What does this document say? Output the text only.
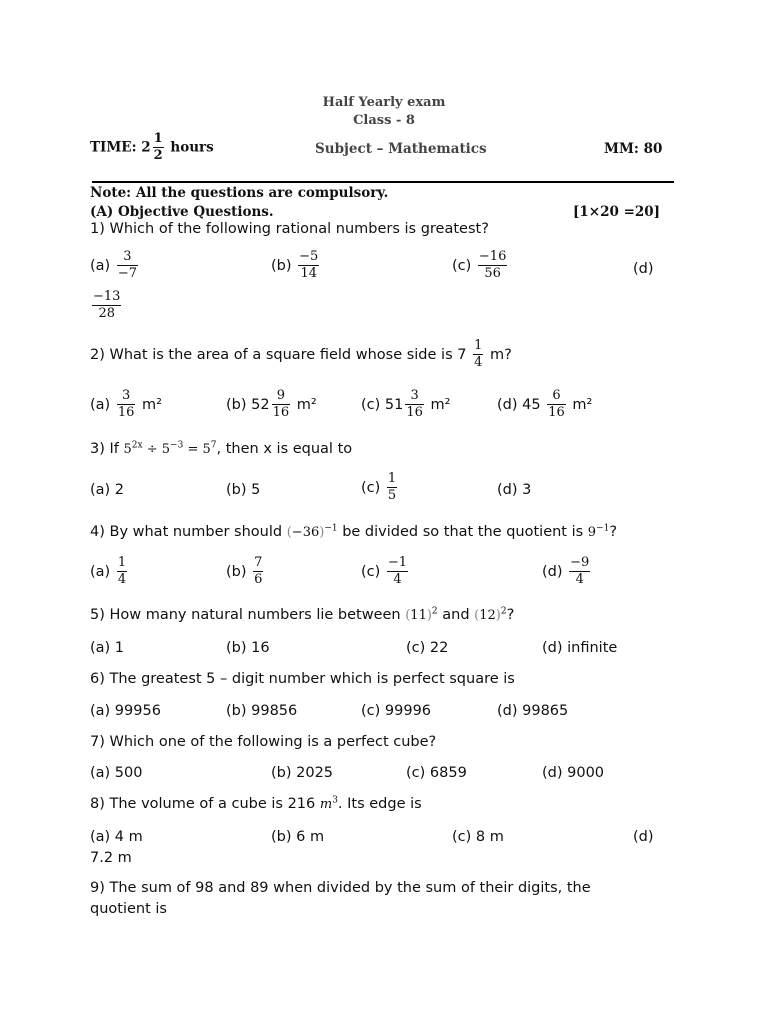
Half Yearly exam
Class - 8
TIME: $2 \frac{1}{2}$ hours	Subject – Mathematics	MM: 80
Note: All the questions are compulsory.
(A) Objective Questions.	[1×20 =20]
1) Which of the following rational numbers is greatest?
$(a) \frac{3}{-7}$	$(b) \frac{-5}{14}$	$(c) \frac{-16}{56}$	(d)
$\frac{-13}{28}$
2) What is the area of a square field whose side is $7 \frac{1}{4} m$?
$(a) \frac{3}{16} m^2$	(b) $52 \frac{9}{16} m^2$	(c) $51 \frac{3}{16} m^2$	(d) $45 \frac{6}{16} m^2$
3) If $5^{2x} \div 5^{-3} = 5^7$, then x is equal to
(a) 2	(b) 5	$(c) \frac{1}{5}$	(d) 3
4) By what number should $(-36)^{-1}$ be divided so that the quotient is $9^{-1}$?
$(a) \frac{1}{4}$	$(b) \frac{7}{6}$	$(c) \frac{-1}{4}$	$(d) \frac{-9}{4}$
5) How many natural numbers lie between $(11)^2$ and $(12)^2$?
(a) 1	(b) 16	(c) 22	(d) infinite
6) The greatest 5 – digit number which is perfect square is
(a) 99956	(b) 99856	(c) 99996	(d) 99865
7) Which one of the following is a perfect cube?
(a) 500	(b) 2025	(c) 6859	(d) 9000
8) The volume of a cube is 216 $m^3$. Its edge is
(a) 4 m	(b) 6 m	(c) 8 m	(d)
7.2 m
9) The sum of 98 and 89 when divided by the sum of their digits, the
quotient is
